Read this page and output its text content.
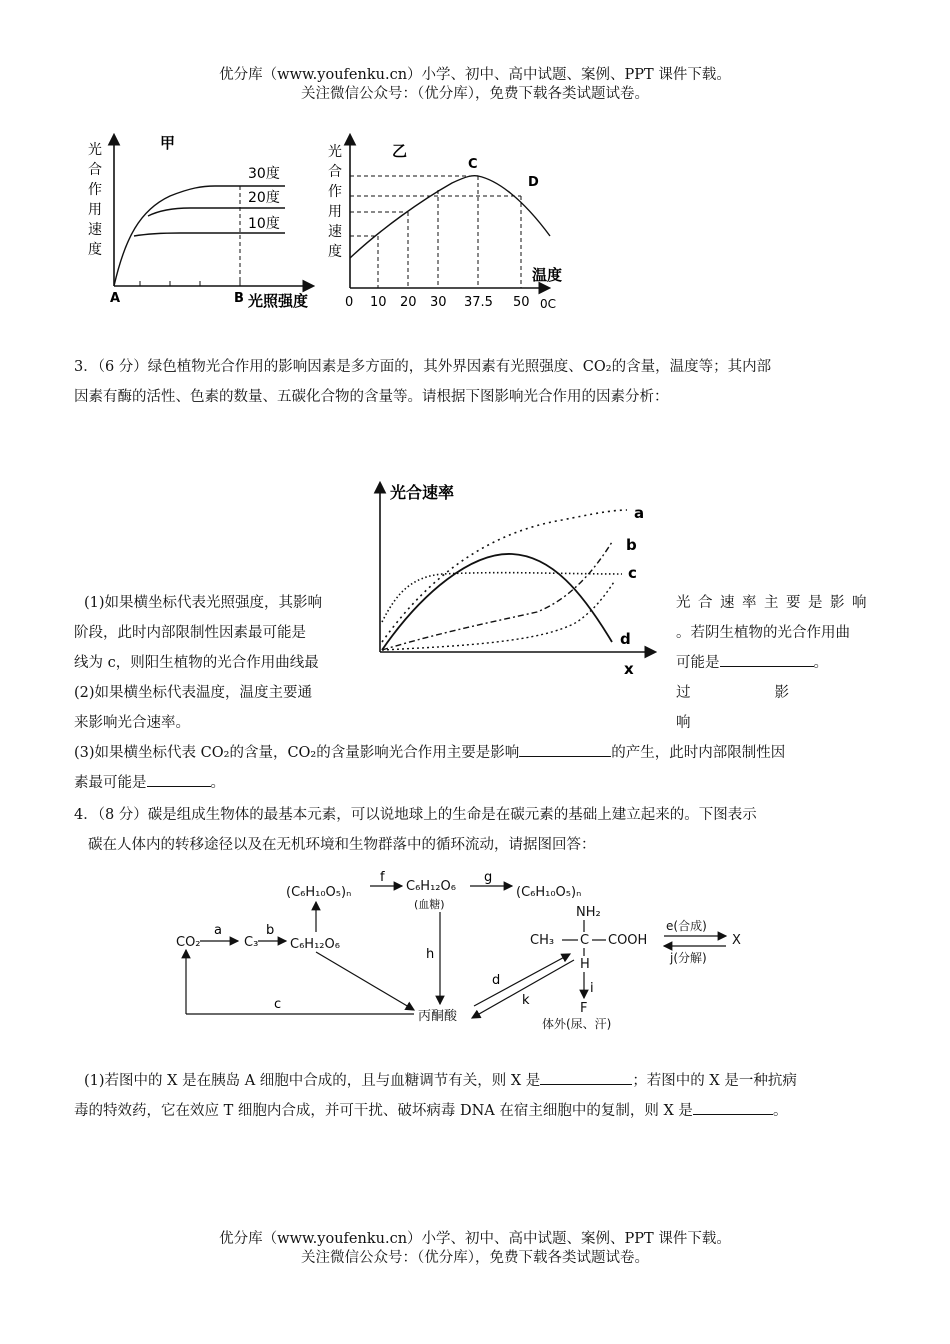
优分库（www.youfenku.cn）小学、初中、高中试题、案例、PPT 课件下载。
关注微信公众号：（优分库），免费下载各类试题试卷。
甲
光
合
作
用
速
度
30度
20度
10度
A	B 光照强度
乙
光
合
作
用
速
度
C
D
温度
0C
0 10 20 30 37.5 50
3．（6 分）绿色植物光合作用的影响因素是多方面的，其外界因素有光照强度、CO₂的含量，温度等；其内部
因素有酶的活性、色素的数量、五碳化合物的含量等。请根据下图影响光合作用的因素分析：
光合速率
x
a
b
c
d
(1)如果横坐标代表光照强度，其影响
阶段，此时内部限制性因素最可能是
线为 c，则阳生植物的光合作用曲线最
(2)如果横坐标代表温度，温度主要通
光合速率主要是影响
。若阴生植物的光合作用曲
可能是	。
过影响
来影响光合速率。
(3)如果横坐标代表 CO₂的含量，CO₂的含量影响光合作用主要是影响	的产生，此时内部限制性因
素最可能是	。
4．（8 分）碳是组成生物体的最基本元素，可以说地球上的生命是在碳元素的基础上建立起来的。下图表示
碳在人体内的转移途径以及在无机环境和生物群落中的循环流动，请据图回答：
(C₆H₁₀O₅)ₙ	C₆H₁₂O₆
(血糖)
(C₆H₁₀O₅)ₙ
CO₂	C₃ C₆H₁₂O₆
丙酮酸
NH₂
CH₃ C COOH
H
F
体外(尿、汗)
X
e(合成)
j(分解)
a	b
c
f	g
h
d
k
i
(1)若图中的 X 是在胰岛 A 细胞中合成的，且与血糖调节有关，则 X 是	；若图中的 X 是一种抗病
毒的特效药，它在效应 T 细胞内合成，并可干扰、破坏病毒 DNA 在宿主细胞中的复制，则 X 是	。
优分库（www.youfenku.cn）小学、初中、高中试题、案例、PPT 课件下载。
关注微信公众号：（优分库），免费下载各类试题试卷。
